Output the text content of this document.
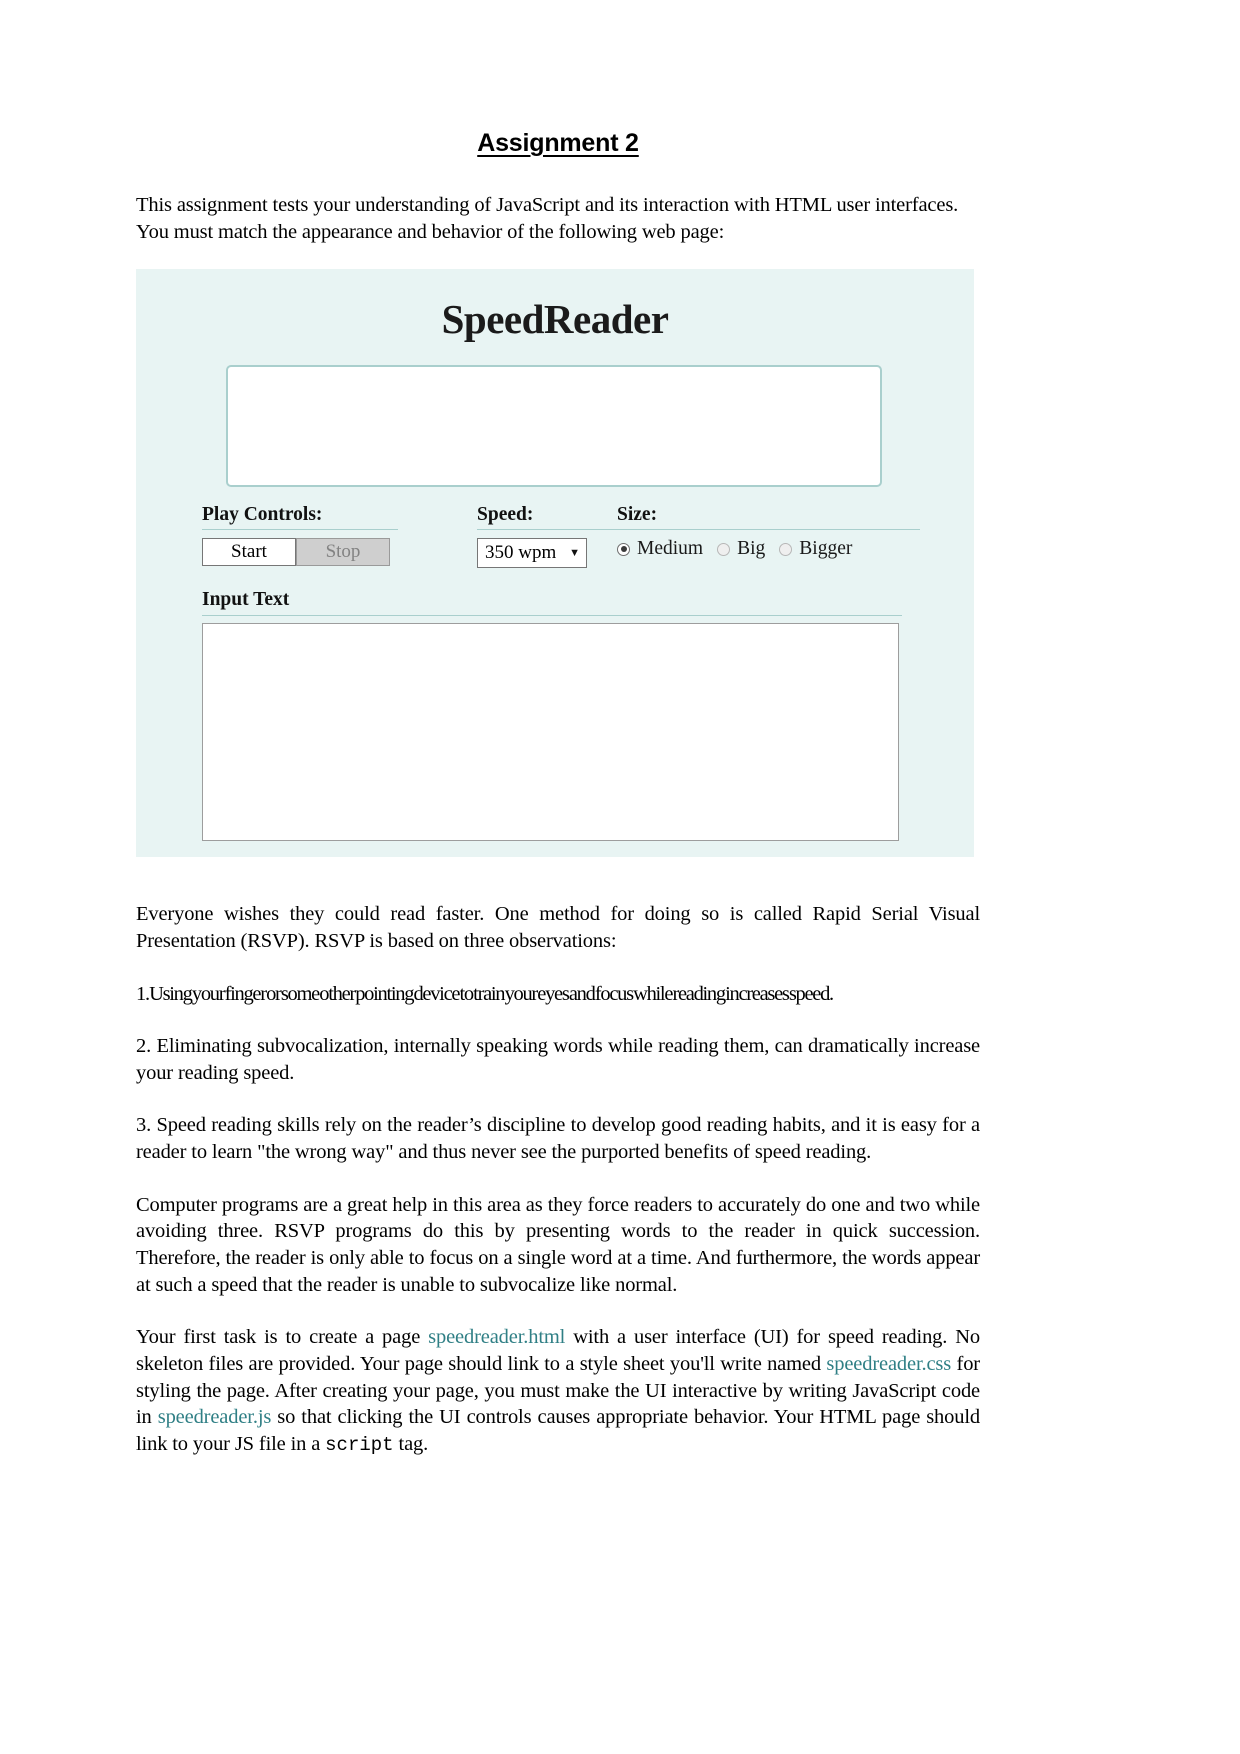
Assignment 2

This assignment tests your understanding of JavaScript and its interaction with HTML user interfaces. You must match the appearance and behavior of the following web page:

SpeedReader
Play Controls:
Start	Stop
Speed:
350 wpm ▼
Size:
Medium Big Bigger
Input Text

Everyone wishes they could read faster. One method for doing so is called Rapid Serial Visual Presentation (RSVP). RSVP is based on three observations:

1. Using your finger or some other pointing device to train your eyes and focus while reading increases speed.

2. Eliminating subvocalization, internally speaking words while reading them, can dramatically increase your reading speed.

3. Speed reading skills rely on the reader’s discipline to develop good reading habits, and it is easy for a reader to learn "the wrong way" and thus never see the purported benefits of speed reading.

Computer programs are a great help in this area as they force readers to accurately do one and two while avoiding three. RSVP programs do this by presenting words to the reader in quick succession. Therefore, the reader is only able to focus on a single word at a time. And furthermore, the words appear at such a speed that the reader is unable to subvocalize like normal.

Your first task is to create a page speedreader.html with a user interface (UI) for speed reading. No skeleton files are provided. Your page should link to a style sheet you'll write named speedreader.css for styling the page. After creating your page, you must make the UI interactive by writing JavaScript code in speedreader.js so that clicking the UI controls causes appropriate behavior. Your HTML page should link to your JS file in a script tag.
